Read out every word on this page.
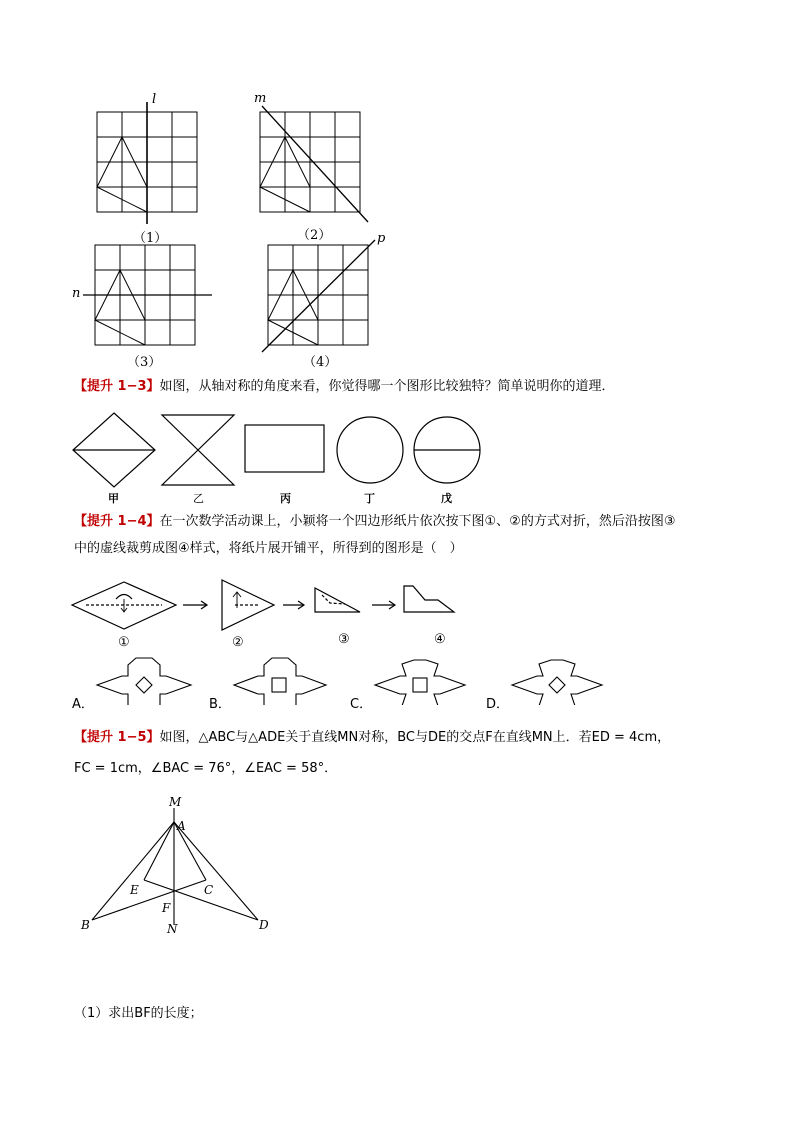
l	m
n
p
（1）	（2）
（3）	（4）
【提升 1−3】如图，从轴对称的角度来看，你觉得哪一个图形比较独特？简单说明你的道理．
甲	乙	丙	丁	戊
【提升 1−4】在一次数学活动课上，小颖将一个四边形纸片依次按下图①、②的方式对折，然后沿按图③
中的虚线裁剪成图④样式，将纸片展开铺平，所得到的图形是（　）
①	②	③	④
A．	B．	C．	D．
【提升 1−5】如图，△ABC与△ADE关于直线MN对称，BC与DE的交点F在直线MN上．若ED = 4cm，
FC = 1cm，∠BAC = 76°，∠EAC = 58°．
M
A
E	C
F
B	N	D
（1）求出BF的长度；
